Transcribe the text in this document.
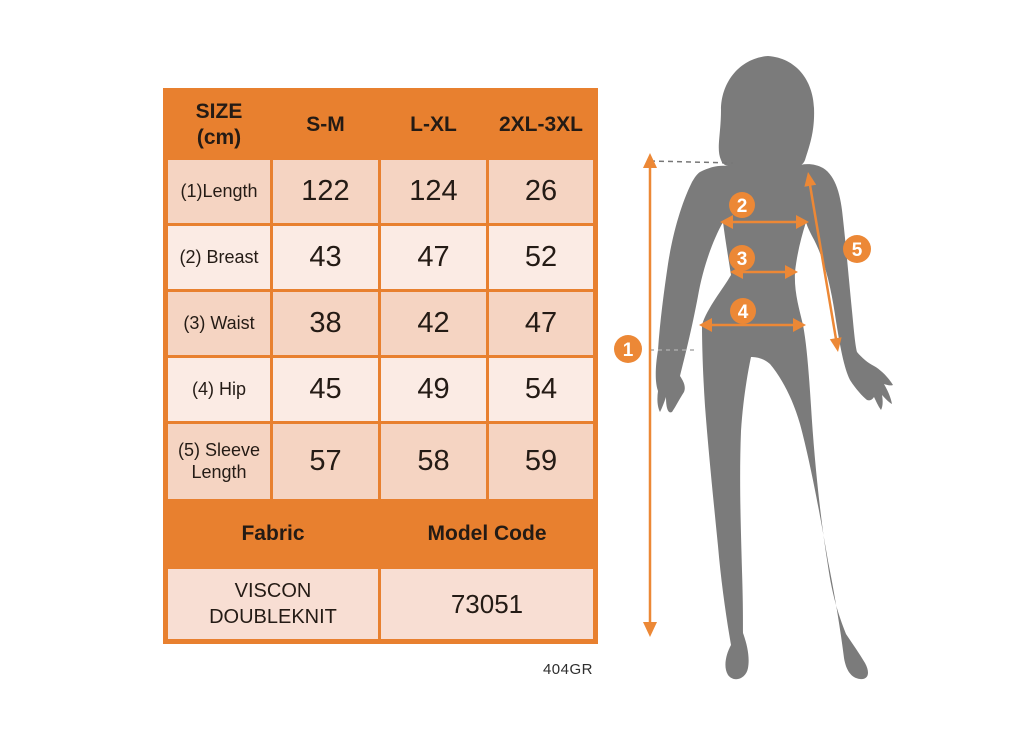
SIZE (cm)	S-M	L-XL	2XL-3XL
(1)Length	122	124	26
(2) Breast	43	47	52
(3) Waist	38	42	47
(4) Hip	45	49	54
(5) Sleeve Length	57	58	59
Fabric		Model Code	
VISCON DOUBLEKNIT		73051	
404GR
1
2
3
4
5
